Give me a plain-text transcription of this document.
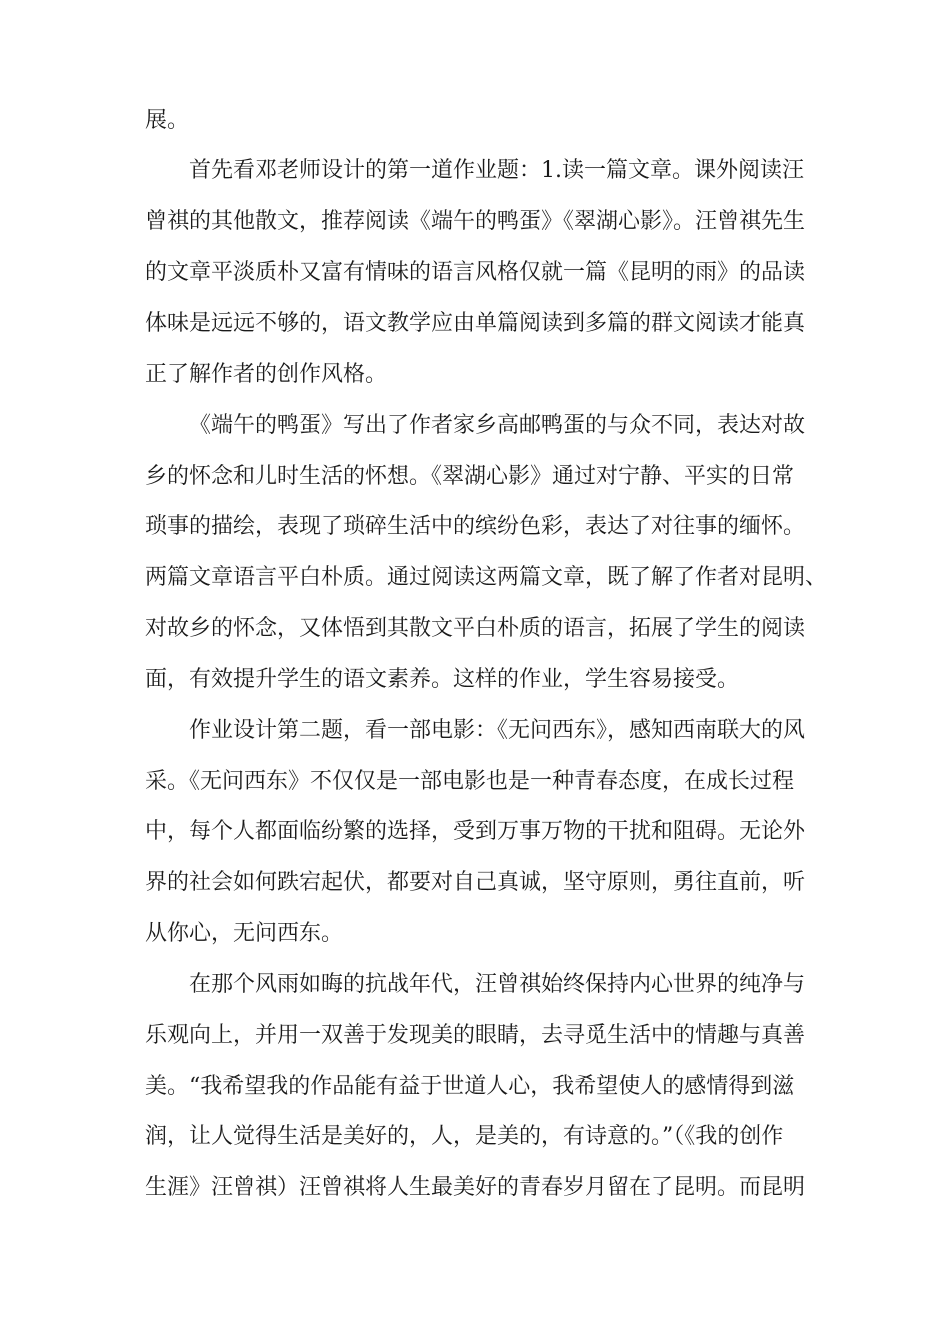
展。

首先看邓老师设计的第一道作业题：1.读一篇文章。课外阅读汪

曾祺的其他散文，推荐阅读《端午的鸭蛋》《翠湖心影》。汪曾祺先生

的文章平淡质朴又富有情味的语言风格仅就一篇《昆明的雨》的品读

体味是远远不够的，语文教学应由单篇阅读到多篇的群文阅读才能真

正了解作者的创作风格。

《端午的鸭蛋》写出了作者家乡高邮鸭蛋的与众不同，表达对故

乡的怀念和儿时生活的怀想。《翠湖心影》通过对宁静、平实的日常

琐事的描绘，表现了琐碎生活中的缤纷色彩，表达了对往事的缅怀。

两篇文章语言平白朴质。通过阅读这两篇文章，既了解了作者对昆明、

对故乡的怀念，又体悟到其散文平白朴质的语言，拓展了学生的阅读

面，有效提升学生的语文素养。这样的作业，学生容易接受。

作业设计第二题，看一部电影：《无问西东》，感知西南联大的风

采。《无问西东》不仅仅是一部电影也是一种青春态度，在成长过程

中，每个人都面临纷繁的选择，受到万事万物的干扰和阻碍。无论外

界的社会如何跌宕起伏，都要对自己真诚，坚守原则，勇往直前，听

从你心，无问西东。

在那个风雨如晦的抗战年代，汪曾祺始终保持内心世界的纯净与

乐观向上，并用一双善于发现美的眼睛，去寻觅生活中的情趣与真善

美。“我希望我的作品能有益于世道人心，我希望使人的感情得到滋

润，让人觉得生活是美好的，人，是美的，有诗意的。”（《我的创作

生涯》汪曾祺）汪曾祺将人生最美好的青春岁月留在了昆明。而昆明
